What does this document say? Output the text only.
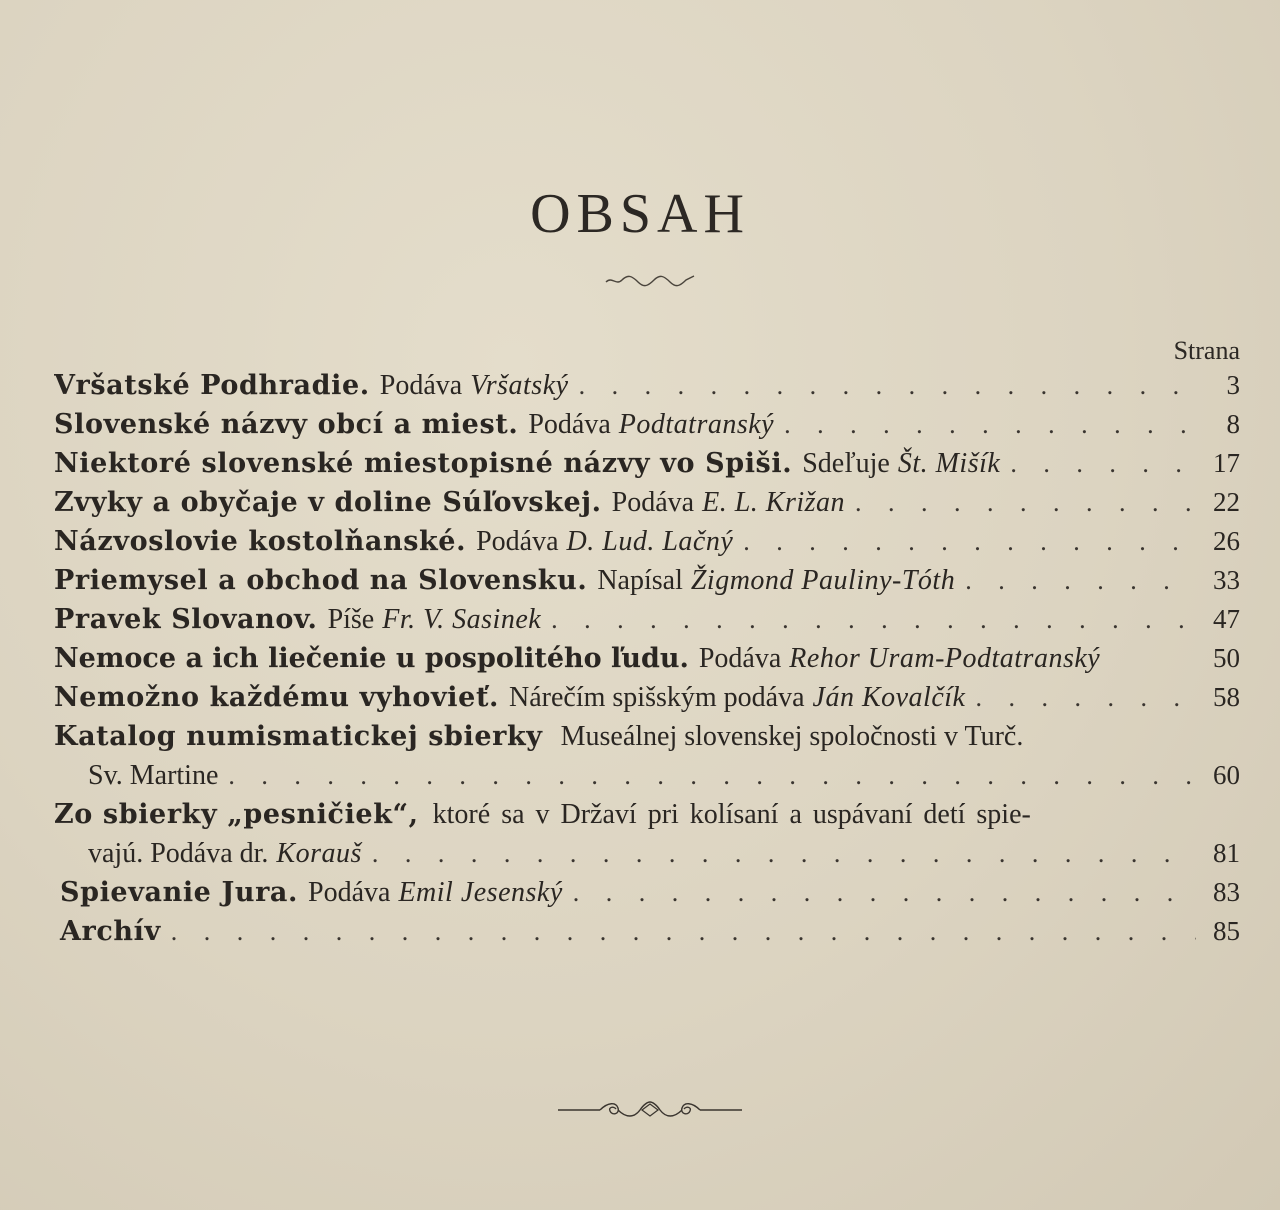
OBSAH
Strana
Vršatské Podhradie. Podáva Vršatský . . .	3
Slovenské názvy obcí a miest. Podáva Podtatranský . . .	8
Niektoré slovenské miestopisné názvy vo Spiši. Sdeľuje Št. Mišík . . .	17
Zvyky a obyčaje v doline Súľovskej. Podáva E. L. Križan . . .	22
Názvoslovie kostolňanské. Podáva D. Lud. Lačný . . .	26
Priemysel a obchod na Slovensku. Napísal Žigmond Pauliny-Tóth . . .	33
Pravek Slovanov. Píše Fr. V. Sasinek . . .	47
Nemoce a ich liečenie u pospolitého ľudu. Podáva Rehor Uram-Podtatranský	50
Nemožno každému vyhovieť. Nárečím spišským podáva Ján Kovalčík . . .	58
Katalog numismatickej sbierky Museálnej slovenskej spoločnosti v Turč.
Sv. Martine . . .	60
Zo sbierky „pesničiek“, ktoré sa v Državí pri kolísaní a uspávaní detí spie-
vajú. Podáva dr. Korauš . . .	81
Spievanie Jura. Podáva Emil Jesenský . . .	83
Archív . . .	85
